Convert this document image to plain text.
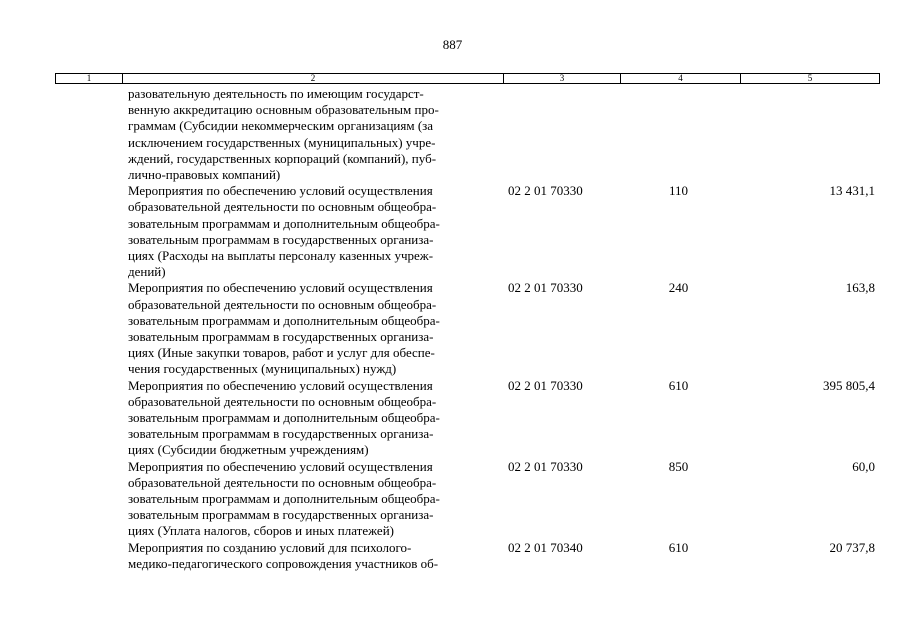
887
1	2	3	4	5
разовательную деятельность по имеющим государст-
венную аккредитацию основным образовательным про-
граммам (Субсидии некоммерческим организациям (за
исключением государственных (муниципальных) учре-
ждений, государственных корпораций (компаний), пуб-
лично-правовых компаний)
Мероприятия по обеспечению условий осуществления
образовательной деятельности по основным общеобра-
зовательным программам и дополнительным общеобра-
зовательным программам в государственных организа-
циях (Расходы на выплаты персоналу казенных учреж-
дений)
02 2 01 70330	110	13 431,1
Мероприятия по обеспечению условий осуществления
образовательной деятельности по основным общеобра-
зовательным программам и дополнительным общеобра-
зовательным программам в государственных организа-
циях (Иные закупки товаров, работ и услуг для обеспе-
чения государственных (муниципальных) нужд)
02 2 01 70330	240	163,8
Мероприятия по обеспечению условий осуществления
образовательной деятельности по основным общеобра-
зовательным программам и дополнительным общеобра-
зовательным программам в государственных организа-
циях (Субсидии бюджетным учреждениям)
02 2 01 70330	610	395 805,4
Мероприятия по обеспечению условий осуществления
образовательной деятельности по основным общеобра-
зовательным программам и дополнительным общеобра-
зовательным программам в государственных организа-
циях (Уплата налогов, сборов и иных платежей)
02 2 01 70330	850	60,0
Мероприятия по созданию условий для психолого-
медико-педагогического сопровождения участников об-
02 2 01 70340	610	20 737,8
